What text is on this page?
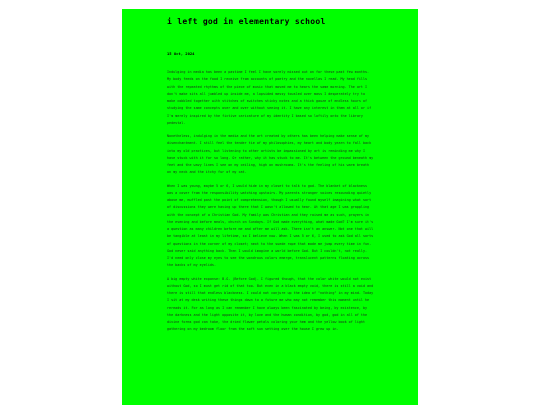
i left god in elementary school
15 Oct, 2024

Indulging in media has been a pastime I feel I have sorely missed out on for these past few months. My body feeds on the food I receive from accounts of poetry and the novellas I read. My head fills with the repeated rhythms of the piece of music that moved me to hears the same morning. The art I don't make sits all jumbled up inside me, a lopsided messy tousled over mass I desperately try to make cobbled together with stitches of switches sticky notes and a thick gauze of endless hours of studying the same concepts over and over without seeing it. I have any interest in them at all or if I'm merely inspired by the fictive caricature of my identity I based so loftily onto the library pedestal.

Nonetheless, indulging in the media and the art created by others has been helping make sense of my disenchantment. I still feel the tender tie of my philosophies, my heart and body yearn to fall back into my old practices, but listening to other artists be impassioned by art is reminding me why I have stuck with it for so long. Or rather, why it has stuck to me. It's between the ground beneath my feet and the wavy lines I see on my ceiling, high on mushrooms. It's the feeling of his warm breath on my neck and the itchy fur of my cat.

When I was young, maybe 5 or 6, I would hide in my closet to talk to god. The blanket of blackness was a cover from the responsibility watching upstairs. My parents stranger voices resounding quietly above me, muffled past the point of comprehension, though I usually found myself imagining what sort of discussions they were having up there that I wasn't allowed to hear. At that age I was grappling with the concept of a Christian God. My family was Christian and they raised me as such, prayers in the evening and before meals, church on Sundays. If God made everything, what made God? I'm sure it's a question as many children before me and after me will ask. There isn't an answer. Not one that will be tangible at least in my lifetime, so I believe now. When I was 5 or 6, I used to ask God all sorts of questions in the corner of my closet; next to the suede rope that made me jump every time in fun. God never said anything back. Then I would imagine a world before God. But I couldn't, not really. I'd need only close my eyes to see the wondrous colors emerge, translucent patterns floating across the backs of my eyelids.

A big empty white expanse: B.G. (Before God). I figured though, that the color white would not exist without God, so I must get rid of that too. But even in a black empty void, there is still a void and there is still that endless blackness. I could not conjure up the idea of "nothing" in my mind. Today I sit at my desk writing these things down to a future me who may not remember this moment until he rereads it. For as long as I can remember I have always been fascinated by being, by existence, by the darkness and the light opposite it, by love and the human condition, by god, god in all of the divine forms god can take, the dried flower petals coloring your hem and the yellow book of light gathering on my bedroom floor from the soft sun setting over the house I grew up in.
